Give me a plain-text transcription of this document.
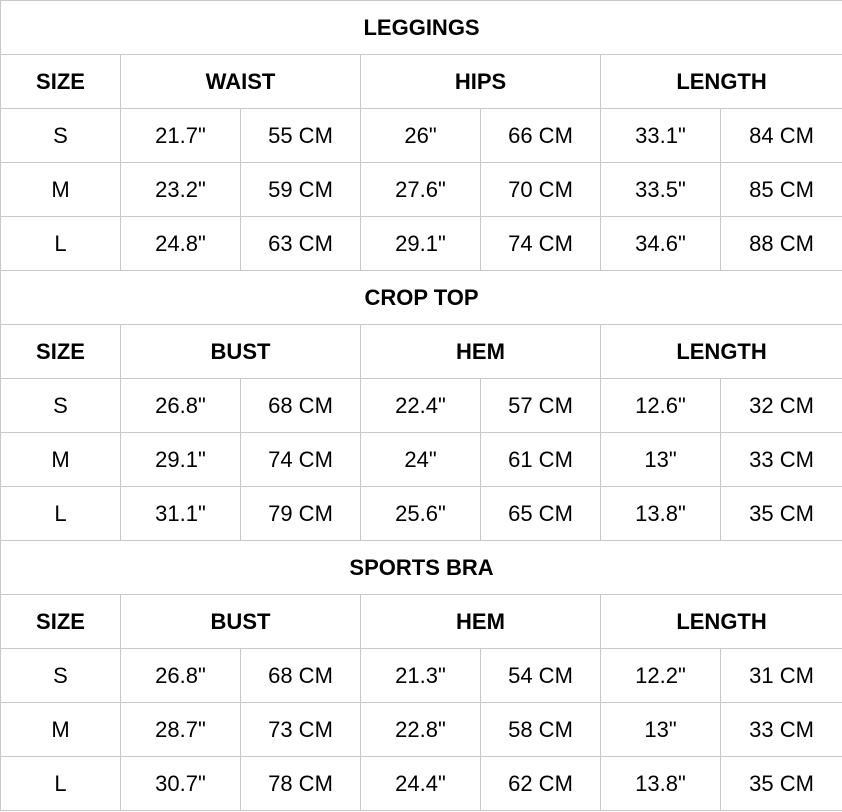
LEGGINGS						
SIZE	WAIST		HIPS		LENGTH	
S	21.7"	55 CM	26"	66 CM	33.1"	84 CM
M	23.2"	59 CM	27.6"	70 CM	33.5"	85 CM
L	24.8"	63 CM	29.1"	74 CM	34.6"	88 CM
CROP TOP						
SIZE	BUST		HEM		LENGTH	
S	26.8"	68 CM	22.4"	57 CM	12.6"	32 CM
M	29.1"	74 CM	24"	61 CM	13"	33 CM
L	31.1"	79 CM	25.6"	65 CM	13.8"	35 CM
SPORTS BRA						
SIZE	BUST		HEM		LENGTH	
S	26.8"	68 CM	21.3"	54 CM	12.2"	31 CM
M	28.7"	73 CM	22.8"	58 CM	13"	33 CM
L	30.7"	78 CM	24.4"	62 CM	13.8"	35 CM
